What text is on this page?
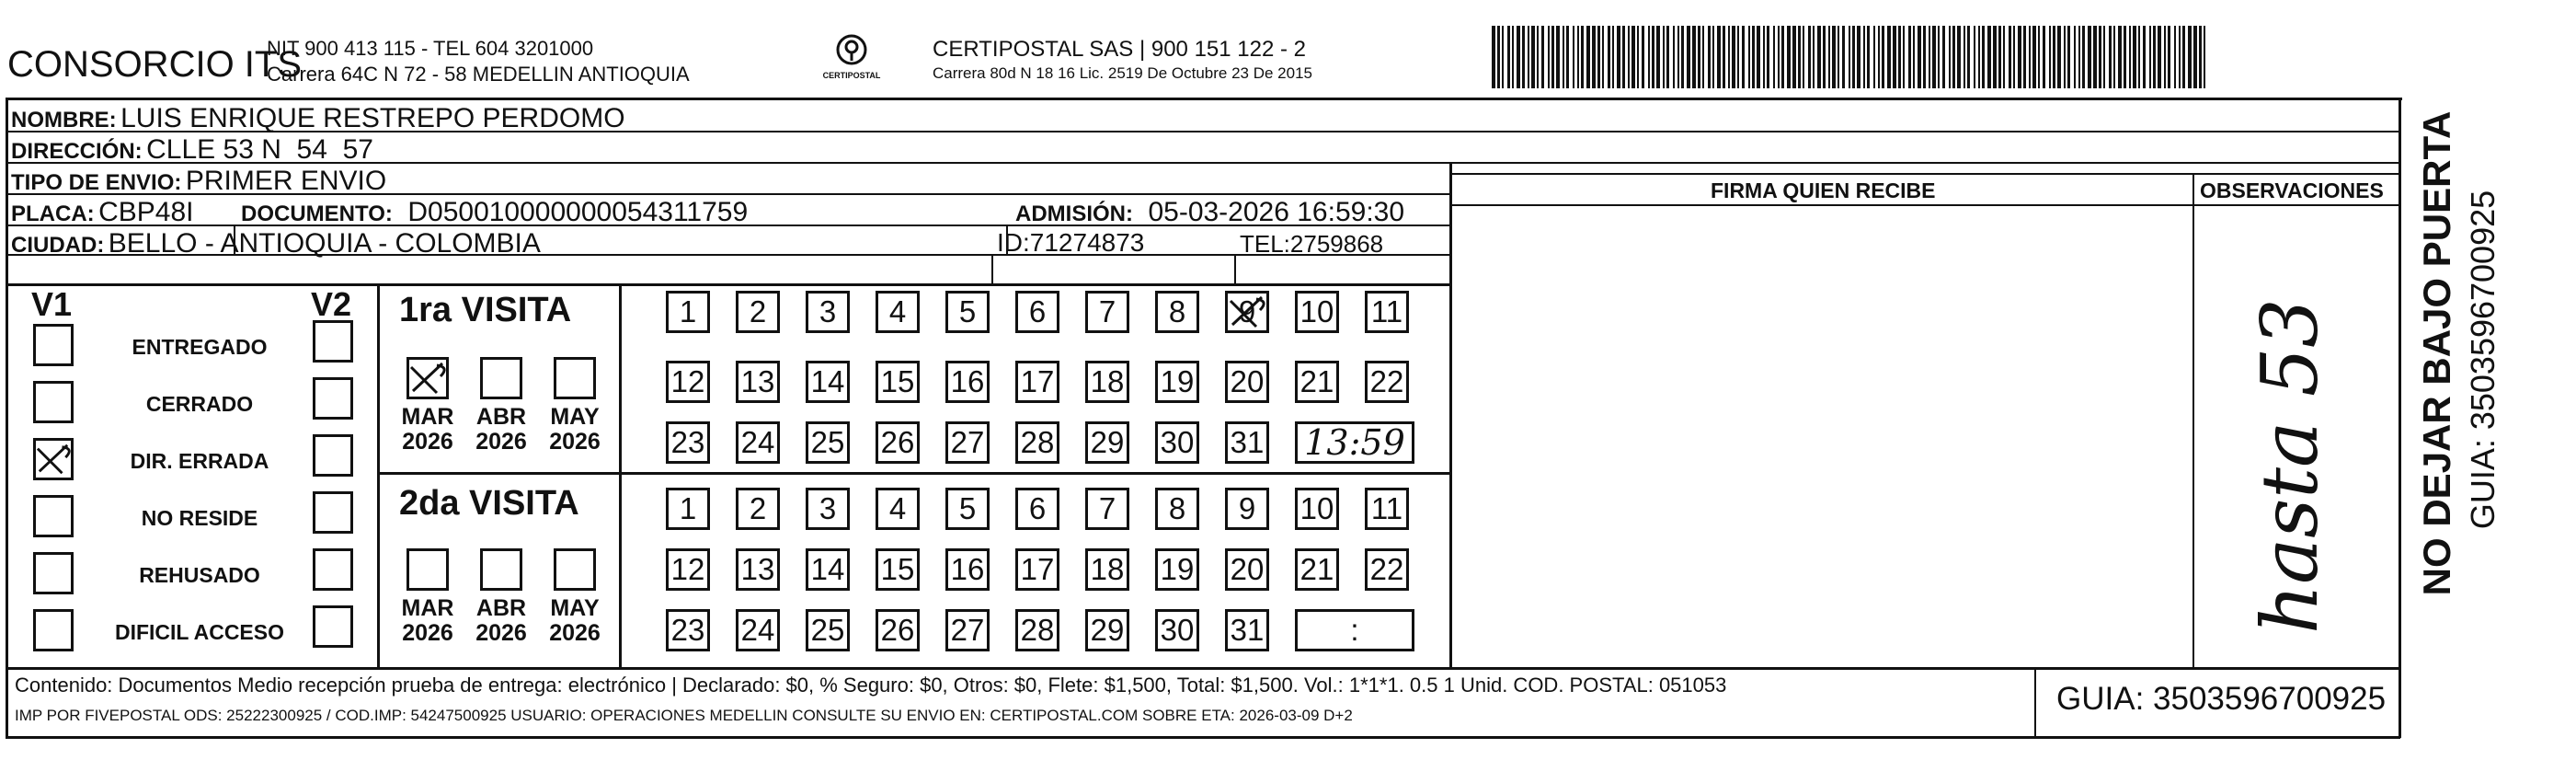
CONSORCIO ITS
NIT 900 413 115 - TEL 604 3201000
Carrera 64C N 72 - 58 MEDELLIN ANTIOQUIA	CERTIPOSTAL
CERTIPOSTAL SAS | 900 151 122 - 2
Carrera 80d N 18 16 Lic. 2519 De Octubre 23 De 2015
NOMBRE: LUIS ENRIQUE RESTREPO PERDOMO
DIRECCIÓN: CLLE 53 N  54  57
TIPO DE ENVIO: PRIMER ENVIO
PLACA: CBP48I DOCUMENTO: D050010000000054311759	ADMISIÓN: 05-03-2026 16:59:30
CIUDAD: BELLO - ANTIOQUIA - COLOMBIA	ID:71274873	TEL:2759868
FIRMA QUIEN RECIBE	OBSERVACIONES
hasta 53
V1	V2
ENTREGADO
CERRADO
DIR. ERRADA
NO RESIDE
REHUSADO
DIFICIL ACCESO
1ra VISITA
MAR
2026
ABR
2026
MAY
2026
1	2	3	4	5	6	7	8	9	10 11
12 13 14 15 16 17 18 19 20 21 22
23 24 25 26 27 28 29 30 31 13:59
2da VISITA
MAR
2026
ABR
2026
MAY
2026
1	2	3	4	5	6	7	8	9	10 11
12 13 14 15 16 17 18 19 20 21 22
23 24 25 26 27 28 29 30 31	:
Contenido: Documentos Medio recepción prueba de entrega: electrónico | Declarado: $0, % Seguro: $0, Otros: $0, Flete: $1,500, Total: $1,500. Vol.: 1*1*1. 0.5 1 Unid. COD. POSTAL: 051053
IMP POR FIVEPOSTAL ODS: 25222300925 / COD.IMP: 54247500925 USUARIO: OPERACIONES MEDELLIN CONSULTE SU ENVIO EN: CERTIPOSTAL.COM SOBRE ETA: 2026-03-09 D+2	GUIA: 3503596700925
NO DEJAR BAJO PUERTA GUIA: 3503596700925
